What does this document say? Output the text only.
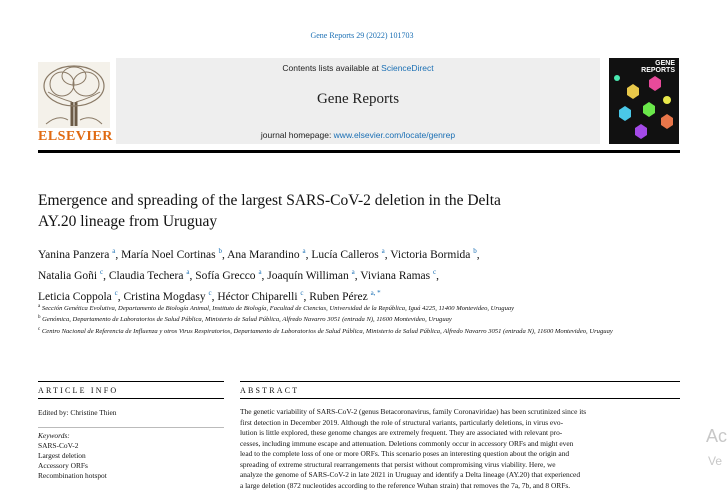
Gene Reports 29 (2022) 101703
ELSEVIER
Contents lists available at ScienceDirect
Gene Reports
journal homepage: www.elsevier.com/locate/genrep
GENE
REPORTS
Emergence and spreading of the largest SARS-CoV-2 deletion in the Delta
AY.20 lineage from Uruguay
Yanina Panzera $^a$, María Noel Cortinas $^b$, Ana Marandino $^a$, Lucía Calleros $^a$, Victoria Bormida $^b$,
Natalia Goñi $^c$, Claudia Techera $^a$, Sofía Grecco $^a$, Joaquín Williman $^a$, Viviana Ramas $^c$,
Leticia Coppola $^c$, Cristina Mogdasy $^c$, Héctor Chiparelli $^c$, Ruben Pérez $^{a, *}$
$^a$ Sección Genética Evolutiva, Departamento de Biología Animal, Instituto de Biología, Facultad de Ciencias, Universidad de la República, Iguá 4225, 11400 Montevideo, Uruguay
$^b$ Genómica, Departamento de Laboratorios de Salud Pública, Ministerio de Salud Pública, Alfredo Navarro 3051 (entrada N), 11600 Montevideo, Uruguay
$^c$ Centro Nacional de Referencia de Influenza y otros Virus Respiratorios, Departamento de Laboratorios de Salud Pública, Ministerio de Salud Pública, Alfredo Navarro 3051 (entrada N), 11600 Montevideo, Uruguay
ARTICLE INFO
Edited by: Christine Thien
Keywords:
SARS-CoV-2
Largest deletion
Accessory ORFs
Recombination hotspot
ABSTRACT

The genetic variability of SARS-CoV-2 (genus Betacoronavirus, family Coronaviridae) has been scrutinized since its

first detection in December 2019. Although the role of structural variants, particularly deletions, in virus evo-

lution is little explored, these genome changes are extremely frequent. They are associated with relevant pro-

cesses, including immune escape and attenuation. Deletions commonly occur in accessory ORFs and might even

lead to the complete loss of one or more ORFs. This scenario poses an interesting question about the origin and

spreading of extreme structural rearrangements that persist without compromising virus viability. Here, we

analyze the genome of SARS-CoV-2 in late 2021 in Uruguay and identify a Delta lineage (AY.20) that experienced

a large deletion (872 nucleotides according to the reference Wuhan strain) that removes the 7a, 7b, and 8 ORFs.

Ac
Ve
